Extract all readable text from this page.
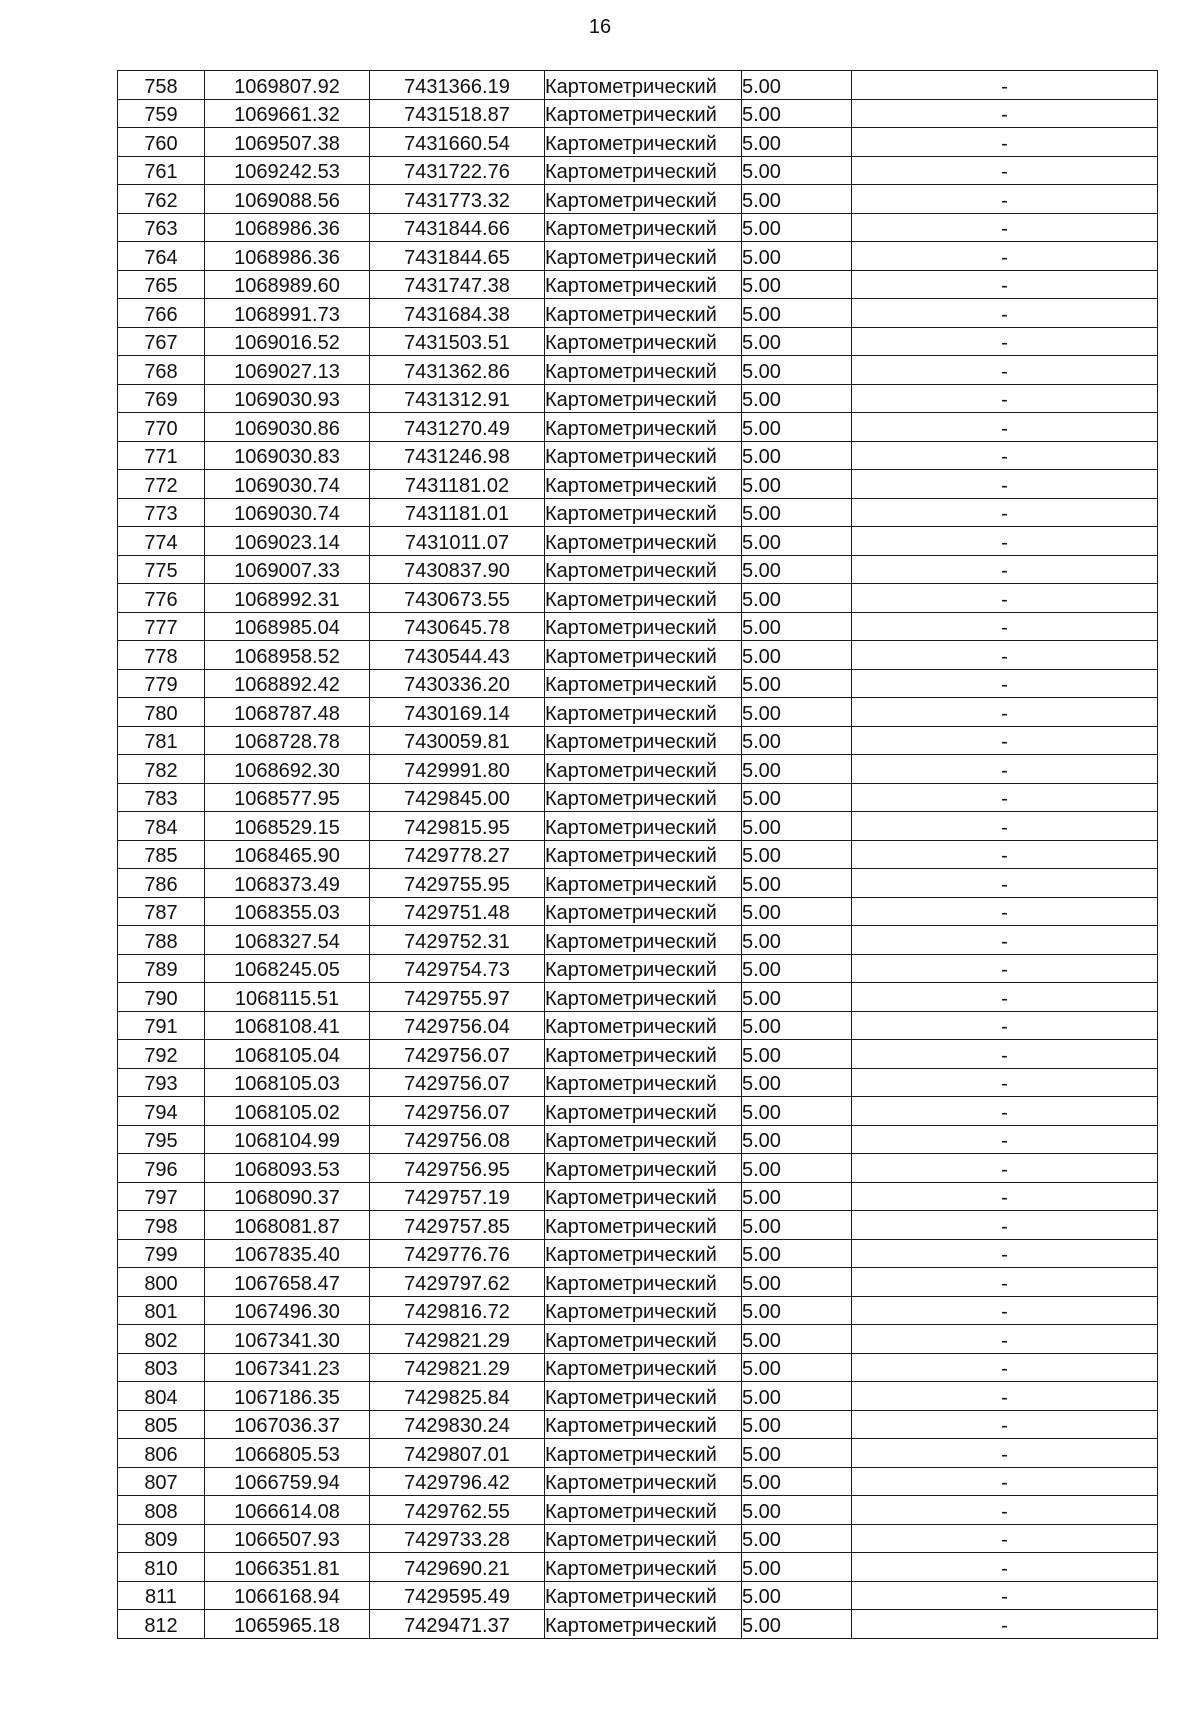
16
758	1069807.92	7431366.19	Картометрический	5.00	-
759	1069661.32	7431518.87	Картометрический	5.00	-
760	1069507.38	7431660.54	Картометрический	5.00	-
761	1069242.53	7431722.76	Картометрический	5.00	-
762	1069088.56	7431773.32	Картометрический	5.00	-
763	1068986.36	7431844.66	Картометрический	5.00	-
764	1068986.36	7431844.65	Картометрический	5.00	-
765	1068989.60	7431747.38	Картометрический	5.00	-
766	1068991.73	7431684.38	Картометрический	5.00	-
767	1069016.52	7431503.51	Картометрический	5.00	-
768	1069027.13	7431362.86	Картометрический	5.00	-
769	1069030.93	7431312.91	Картометрический	5.00	-
770	1069030.86	7431270.49	Картометрический	5.00	-
771	1069030.83	7431246.98	Картометрический	5.00	-
772	1069030.74	7431181.02	Картометрический	5.00	-
773	1069030.74	7431181.01	Картометрический	5.00	-
774	1069023.14	7431011.07	Картометрический	5.00	-
775	1069007.33	7430837.90	Картометрический	5.00	-
776	1068992.31	7430673.55	Картометрический	5.00	-
777	1068985.04	7430645.78	Картометрический	5.00	-
778	1068958.52	7430544.43	Картометрический	5.00	-
779	1068892.42	7430336.20	Картометрический	5.00	-
780	1068787.48	7430169.14	Картометрический	5.00	-
781	1068728.78	7430059.81	Картометрический	5.00	-
782	1068692.30	7429991.80	Картометрический	5.00	-
783	1068577.95	7429845.00	Картометрический	5.00	-
784	1068529.15	7429815.95	Картометрический	5.00	-
785	1068465.90	7429778.27	Картометрический	5.00	-
786	1068373.49	7429755.95	Картометрический	5.00	-
787	1068355.03	7429751.48	Картометрический	5.00	-
788	1068327.54	7429752.31	Картометрический	5.00	-
789	1068245.05	7429754.73	Картометрический	5.00	-
790	1068115.51	7429755.97	Картометрический	5.00	-
791	1068108.41	7429756.04	Картометрический	5.00	-
792	1068105.04	7429756.07	Картометрический	5.00	-
793	1068105.03	7429756.07	Картометрический	5.00	-
794	1068105.02	7429756.07	Картометрический	5.00	-
795	1068104.99	7429756.08	Картометрический	5.00	-
796	1068093.53	7429756.95	Картометрический	5.00	-
797	1068090.37	7429757.19	Картометрический	5.00	-
798	1068081.87	7429757.85	Картометрический	5.00	-
799	1067835.40	7429776.76	Картометрический	5.00	-
800	1067658.47	7429797.62	Картометрический	5.00	-
801	1067496.30	7429816.72	Картометрический	5.00	-
802	1067341.30	7429821.29	Картометрический	5.00	-
803	1067341.23	7429821.29	Картометрический	5.00	-
804	1067186.35	7429825.84	Картометрический	5.00	-
805	1067036.37	7429830.24	Картометрический	5.00	-
806	1066805.53	7429807.01	Картометрический	5.00	-
807	1066759.94	7429796.42	Картометрический	5.00	-
808	1066614.08	7429762.55	Картометрический	5.00	-
809	1066507.93	7429733.28	Картометрический	5.00	-
810	1066351.81	7429690.21	Картометрический	5.00	-
811	1066168.94	7429595.49	Картометрический	5.00	-
812	1065965.18	7429471.37	Картометрический	5.00	-
